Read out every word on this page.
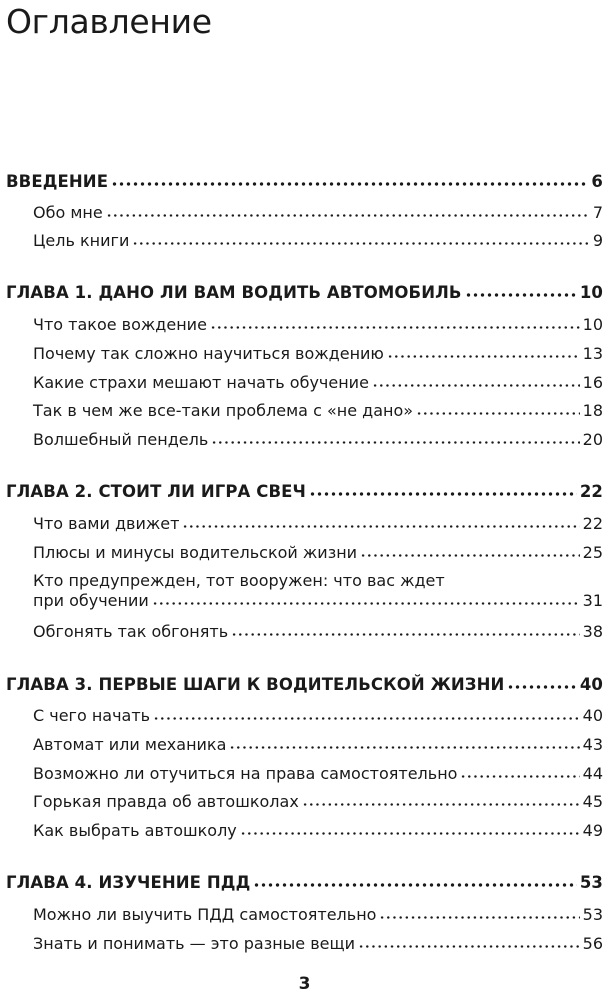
Оглавление
ВВЕДЕНИЕ	6
Обо мне	7
Цель книги	9
ГЛАВА 1. ДАНО ЛИ ВАМ ВОДИТЬ АВТОМОБИЛЬ	10
Что такое вождение	10
Почему так сложно научиться вождению	13
Какие страхи мешают начать обучение	16
Так в чем же все-таки проблема с «не дано»	18
Волшебный пендель	20
ГЛАВА 2. СТОИТ ЛИ ИГРА СВЕЧ	22
Что вами движет	22
Плюсы и минусы водительской жизни	25
Кто предупрежден, тот вооружен: что вас ждет
при обучении	31
Обгонять так обгонять	38
ГЛАВА 3. ПЕРВЫЕ ШАГИ К ВОДИТЕЛЬСКОЙ ЖИЗНИ	40
С чего начать	40
Автомат или механика	43
Возможно ли отучиться на права самостоятельно	44
Горькая правда об автошколах	45
Как выбрать автошколу	49
ГЛАВА 4. ИЗУЧЕНИЕ ПДД	53
Можно ли выучить ПДД самостоятельно	53
Знать и понимать — это разные вещи	56
3
